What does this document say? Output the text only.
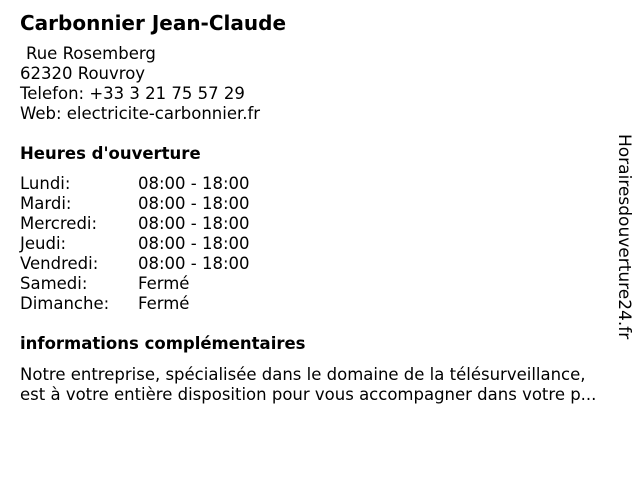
Carbonnier Jean-Claude
Rue Rosemberg
62320 Rouvroy
Telefon: +33 3 21 75 57 29
Web: electricite-carbonnier.fr
Heures d'ouverture
Lundi:	08:00 - 18:00
Mardi:	08:00 - 18:00
Mercredi: 08:00 - 18:00
Jeudi:	08:00 - 18:00
Vendredi: 08:00 - 18:00
Samedi:	Fermé
Dimanche: Fermé
informations complémentaires
Notre entreprise, spécialisée dans le domaine de la télésurveillance,
est à votre entière disposition pour vous accompagner dans votre p...
Horairesdouverture24.fr
